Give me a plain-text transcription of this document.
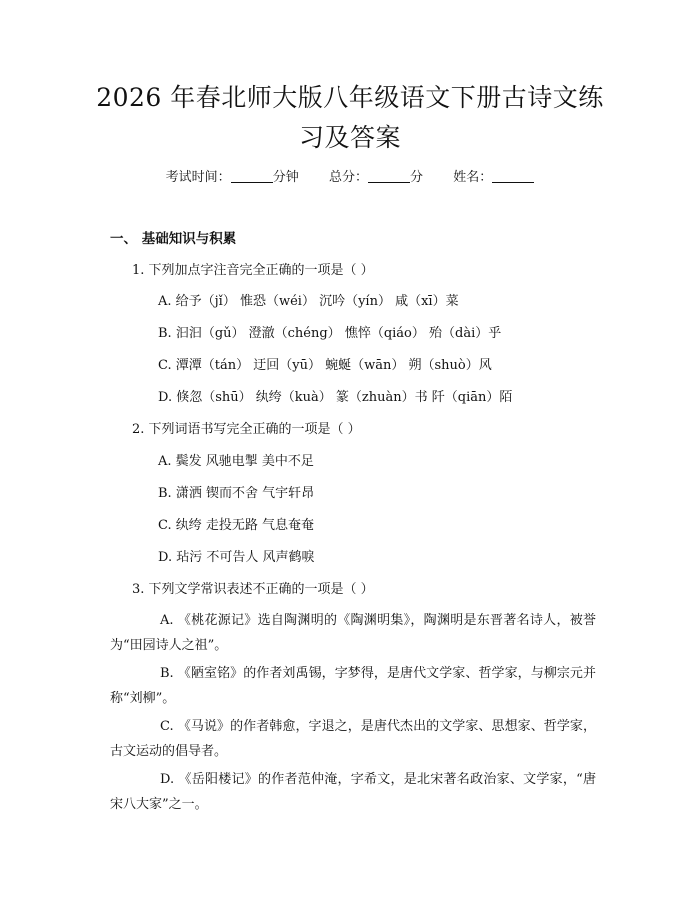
2026 年春北师大版八年级语文下册古诗文练
习及答案
考试时间：	分钟 总分：	分 姓名：
一、 基础知识与积累
1. 下列加点字注音完全正确的一项是（ ）
A. 给予（jǐ） 惟恐（wéi） 沉吟（yín） 咸（xī）菜
B. 汩汩（gǔ） 澄澈（chéng） 憔悴（qiáo） 殆（dài）乎
C. 潭潭（tán） 迂回（yū） 蜿蜒（wān） 朔（shuò）风
D. 倏忽（shū） 纨绔（kuà） 篆（zhuàn）书 阡（qiān）陌
2. 下列词语书写完全正确的一项是（ ）
A. 鬓发 风驰电掣 美中不足
B. 潇洒 锲而不舍 气宇轩昂
C. 纨绔 走投无路 气息奄奄
D. 玷污 不可告人 风声鹤唳
3. 下列文学常识表述不正确的一项是（ ）
A. 《桃花源记》选自陶渊明的《陶渊明集》，陶渊明是东晋著名诗人，被誉为“田园诗人之祖”。
B. 《陋室铭》的作者刘禹锡，字梦得，是唐代文学家、哲学家，与柳宗元并称“刘柳”。
C. 《马说》的作者韩愈，字退之，是唐代杰出的文学家、思想家、哲学家，古文运动的倡导者。
D. 《岳阳楼记》的作者范仲淹，字希文，是北宋著名政治家、文学家，“唐宋八大家”之一。
